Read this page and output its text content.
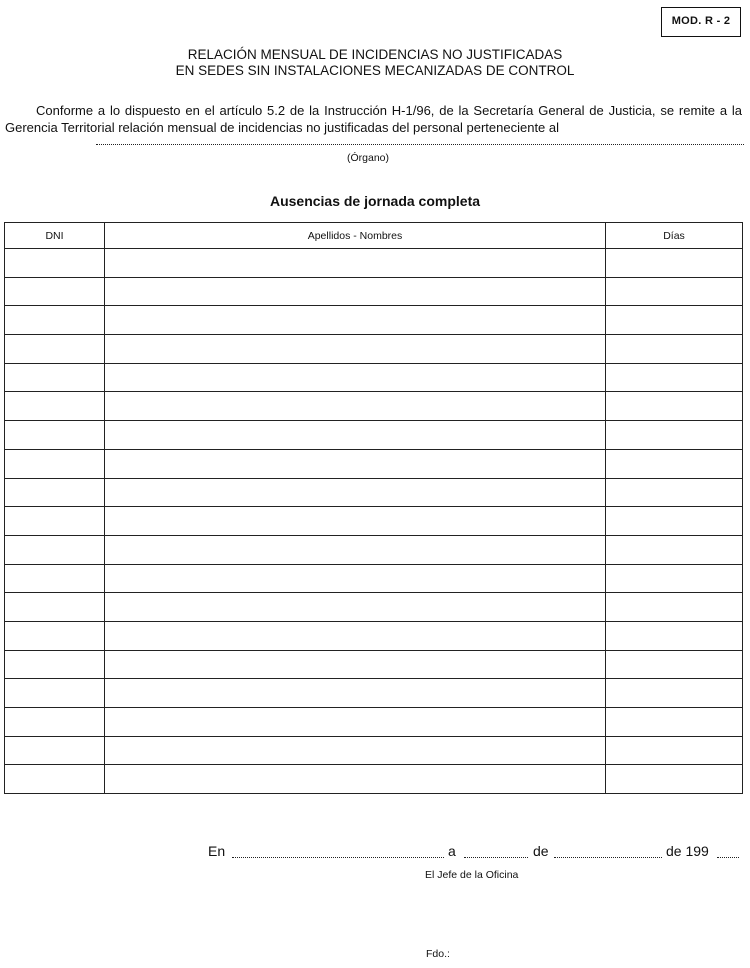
MOD. R - 2
RELACIÓN MENSUAL DE INCIDENCIAS NO JUSTIFICADAS
EN SEDES SIN INSTALACIONES MECANIZADAS DE CONTROL

Conforme a lo dispuesto en el artículo 5.2 de la Instrucción H-1/96, de la Secretaría General de Justicia, se remite a la Gerencia Territorial relación mensual de incidencias no justificadas del personal perteneciente al

(Órgano)
Ausencias de jornada completa
DNI	Apellidos - Nombres	Días

En	a	de	de 199
El Jefe de la Oficina
Fdo.:
